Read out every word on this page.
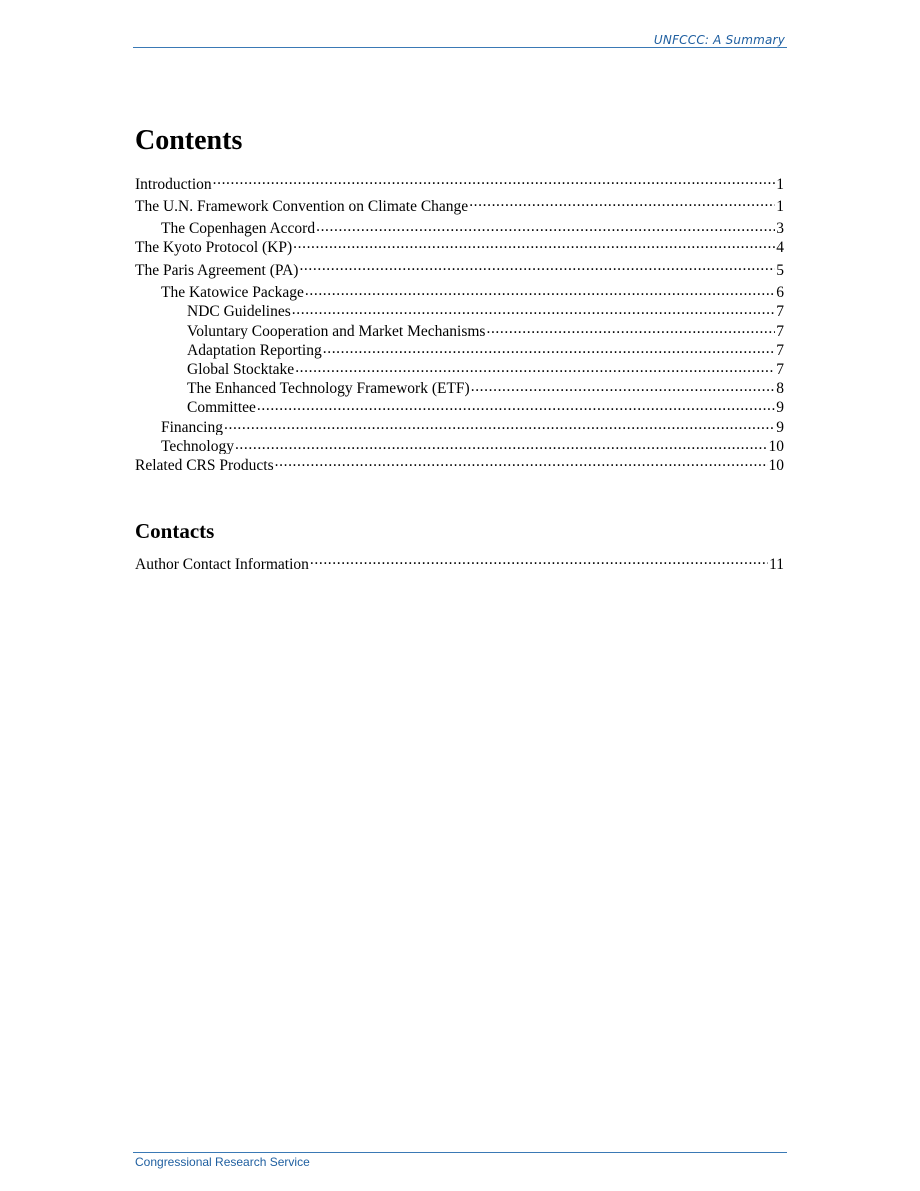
UNFCCC: A Summary
Contents
Introduction .....	1
The U.N. Framework Convention on Climate Change .....	1
The Copenhagen Accord .....	3
The Kyoto Protocol (KP) .....	4
The Paris Agreement (PA) .....	5
The Katowice Package .....	6
NDC Guidelines .....	7
Voluntary Cooperation and Market Mechanisms .....	7
Adaptation Reporting .....	7
Global Stocktake .....	7
The Enhanced Technology Framework (ETF) .....	8
Committee .....	9
Financing .....	9
Technology .....	10
Related CRS Products .....	10
Contacts
Author Contact Information .....	11
Congressional Research Service
